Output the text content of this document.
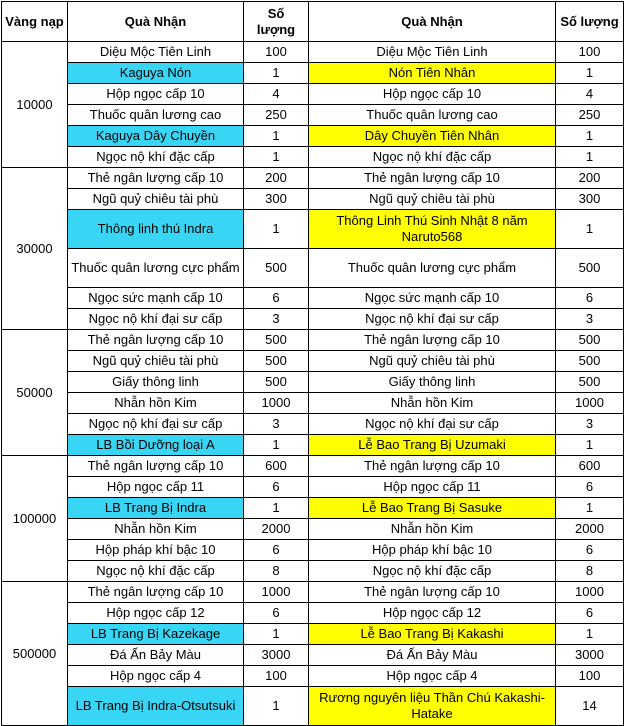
Vàng nạp	Quà Nhận	Số lượng	Quà Nhận	Số lượng
10000	Diệu Mộc Tiên Linh	100	Diệu Mộc Tiên Linh	100
	Kaguya Nón	1	Nón Tiên Nhân	1
	Hộp ngọc cấp 10	4	Hộp ngọc cấp 10	4
	Thuốc quân lương cao	250	Thuốc quân lương cao	250
	Kaguya Dây Chuyền	1	Dây Chuyền Tiên Nhân	1
	Ngọc nộ khí đặc cấp	1	Ngọc nộ khí đặc cấp	1
30000	Thẻ ngân lượng cấp 10	200	Thẻ ngân lượng cấp 10	200
	Ngũ quỷ chiêu tài phù	300	Ngũ quỷ chiêu tài phù	300
	Thông linh thú Indra	1	Thông Linh Thú Sinh Nhật 8 năm Naruto568	1
	Thuốc quân lương cực phẩm	500	Thuốc quân lương cực phẩm	500
	Ngọc sức mạnh cấp 10	6	Ngọc sức mạnh cấp 10	6
	Ngọc nộ khí đại sư cấp	3	Ngọc nộ khí đại sư cấp	3
50000	Thẻ ngân lượng cấp 10	500	Thẻ ngân lượng cấp 10	500
	Ngũ quỷ chiêu tài phù	500	Ngũ quỷ chiêu tài phù	500
	Giấy thông linh	500	Giấy thông linh	500
	Nhẫn hồn Kim	1000	Nhẫn hồn Kim	1000
	Ngọc nộ khí đại sư cấp	3	Ngọc nộ khí đại sư cấp	3
	LB Bồi Dưỡng loại A	1	Lễ Bao Trang Bị Uzumaki	1
100000	Thẻ ngân lượng cấp 10	600	Thẻ ngân lượng cấp 10	600
	Hộp ngọc cấp 11	6	Hộp ngọc cấp 11	6
	LB Trang Bị Indra	1	Lễ Bao Trang Bị Sasuke	1
	Nhẫn hồn Kim	2000	Nhẫn hồn Kim	2000
	Hộp pháp khí bậc 10	6	Hộp pháp khí bậc 10	6
	Ngọc nộ khí đặc cấp	8	Ngọc nộ khí đặc cấp	8
500000	Thẻ ngân lượng cấp 10	1000	Thẻ ngân lượng cấp 10	1000
	Hộp ngọc cấp 12	6	Hộp ngọc cấp 12	6
	LB Trang Bị Kazekage	1	Lễ Bao Trang Bị Kakashi	1
	Đá Ấn Bảy Màu	3000	Đá Ấn Bảy Màu	3000
	Hộp ngọc cấp 4	100	Hộp ngọc cấp 4	100
	LB Trang Bị Indra-Otsutsuki	1	Rương nguyên liệu Thần Chú Kakashi-Hatake	14
